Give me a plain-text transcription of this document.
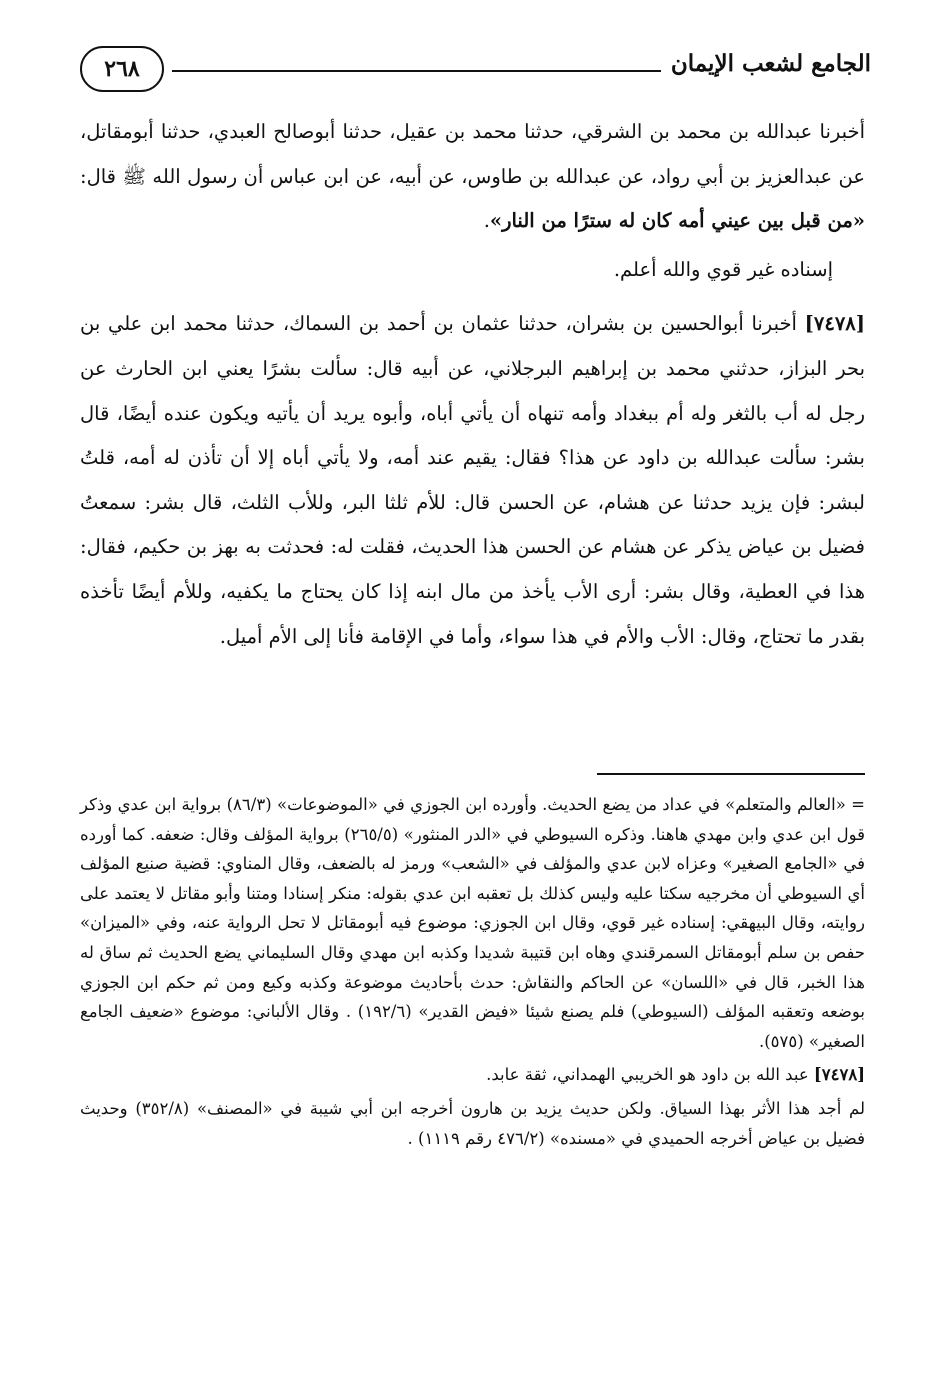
الجامع لشعب الإيمان
٢٦٨

أخبرنا عبدالله بن محمد بن الشرقي، حدثنا محمد بن عقيل، حدثنا أبوصالح العبدي، حدثنا أبومقاتل، عن عبدالعزيز بن أبي رواد، عن عبدالله بن طاوس، عن أبيه، عن ابن عباس أن رسول الله ﷺ قال: «من قبل بين عيني أمه كان له سترًا من النار».

إسناده غير قوي والله أعلم.

[٧٤٧٨] أخبرنا أبوالحسين بن بشران، حدثنا عثمان بن أحمد بن السماك، حدثنا محمد ابن علي بن بحر البزاز، حدثني محمد بن إبراهيم البرجلاني، عن أبيه قال: سألت بشرًا يعني ابن الحارث عن رجل له أب بالثغر وله أم ببغداد وأمه تنهاه أن يأتي أباه، وأبوه يريد أن يأتيه ويكون عنده أيضًا، قال بشر: سألت عبدالله بن داود عن هذا؟ فقال: يقيم عند أمه، ولا يأتي أباه إلا أن تأذن له أمه، قلتُ لبشر: فإن يزيد حدثنا عن هشام، عن الحسن قال: للأم ثلثا البر، وللأب الثلث، قال بشر: سمعتُ فضيل بن عياض يذكر عن هشام عن الحسن هذا الحديث، فقلت له: فحدثت به بهز بن حكيم، فقال: هذا في العطية، وقال بشر: أرى الأب يأخذ من مال ابنه إذا كان يحتاج ما يكفيه، وللأم أيضًا تأخذه بقدر ما تحتاج، وقال: الأب والأم في هذا سواء، وأما في الإقامة فأنا إلى الأم أميل.

= «العالم والمتعلم» في عداد من يضع الحديث. وأورده ابن الجوزي في «الموضوعات» (٨٦/٣) برواية ابن عدي وذكر قول ابن عدي وابن مهدي هاهنا. وذكره السيوطي في «الدر المنثور» (٢٦٥/٥) برواية المؤلف وقال: ضعفه. كما أورده في «الجامع الصغير» وعزاه لابن عدي والمؤلف في «الشعب» ورمز له بالضعف، وقال المناوي: قضية صنيع المؤلف أي السيوطي أن مخرجيه سكتا عليه وليس كذلك بل تعقبه ابن عدي بقوله: منكر إسنادا ومتنا وأبو مقاتل لا يعتمد على روايته، وقال البيهقي: إسناده غير قوي، وقال ابن الجوزي: موضوع فيه أبومقاتل لا تحل الرواية عنه، وفي «الميزان» حفص بن سلم أبومقاتل السمرقندي وهاه ابن قتيبة شديدا وكذبه ابن مهدي وقال السليماني يضع الحديث ثم ساق له هذا الخبر، قال في «اللسان» عن الحاكم والنقاش: حدث بأحاديث موضوعة وكذبه وكيع ومن ثم حكم ابن الجوزي بوضعه وتعقبه المؤلف (السيوطي) فلم يصنع شيئا «فيض القدير» (١٩٢/٦) . وقال الألباني: موضوع «ضعيف الجامع الصغير» (٥٧٥).

[٧٤٧٨] عبد الله بن داود هو الخريبي الهمداني، ثقة عابد.

لم أجد هذا الأثر بهذا السياق. ولكن حديث يزيد بن هارون أخرجه ابن أبي شيبة في «المصنف» (٣٥٢/٨) وحديث فضيل بن عياض أخرجه الحميدي في «مسنده» (٤٧٦/٢ رقم ١١١٩) .
